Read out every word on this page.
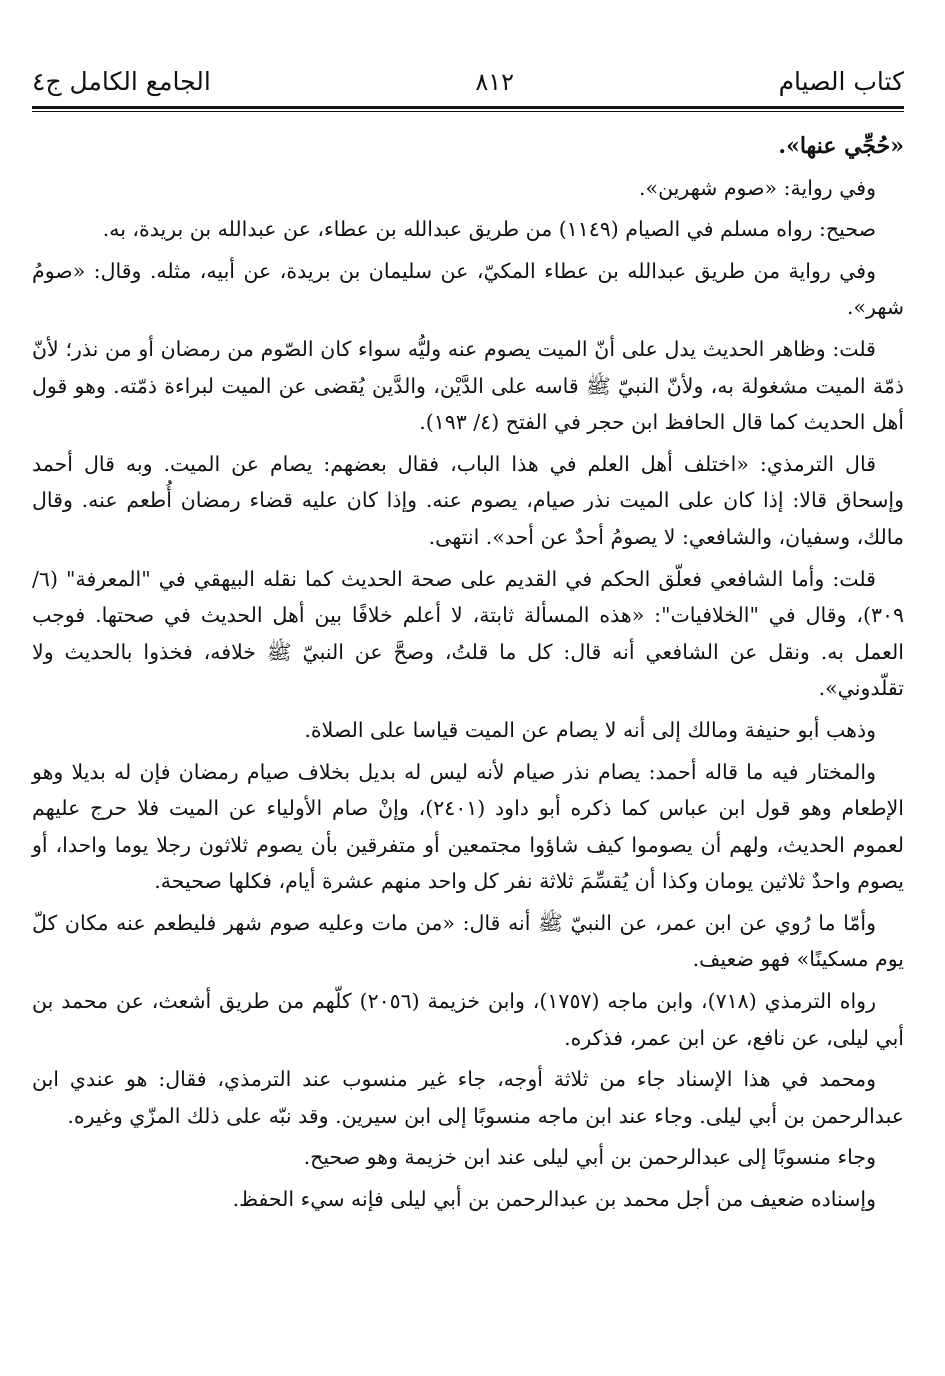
كتاب الصيام
٨١٢
الجامع الكامل ج٤

«حُجِّي عنها».

وفي رواية: «صوم شهرين».

صحيح: رواه مسلم في الصيام (١١٤٩) من طريق عبدالله بن عطاء، عن عبدالله بن بريدة، به.

وفي رواية من طريق عبدالله بن عطاء المكيّ، عن سليمان بن بريدة، عن أبيه، مثله. وقال: «صومُ شهر».

قلت: وظاهر الحديث يدل على أنّ الميت يصوم عنه وليُّه سواء كان الصّوم من رمضان أو من نذر؛ لأنّ ذمّة الميت مشغولة به، ولأنّ النبيّ ﷺ قاسه على الدَّيْن، والدَّين يُقضى عن الميت لبراءة ذمّته. وهو قول أهل الحديث كما قال الحافظ ابن حجر في الفتح (٤/ ١٩٣).

قال الترمذي: «اختلف أهل العلم في هذا الباب، فقال بعضهم: يصام عن الميت. وبه قال أحمد وإسحاق قالا: إذا كان على الميت نذر صيام، يصوم عنه. وإذا كان عليه قضاء رمضان أُطعم عنه. وقال مالك، وسفيان، والشافعي: لا يصومُ أحدٌ عن أحد». انتهى.

قلت: وأما الشافعي فعلّق الحكم في القديم على صحة الحديث كما نقله البيهقي في "المعرفة" (٦/ ٣٠٩)، وقال في "الخلافيات": «هذه المسألة ثابتة، لا أعلم خلافًا بين أهل الحديث في صحتها. فوجب العمل به. ونقل عن الشافعي أنه قال: كل ما قلتُ، وصحَّ عن النبيّ ﷺ خلافه، فخذوا بالحديث ولا تقلّدوني».

وذهب أبو حنيفة ومالك إلى أنه لا يصام عن الميت قياسا على الصلاة.

والمختار فيه ما قاله أحمد: يصام نذر صيام لأنه ليس له بديل بخلاف صيام رمضان فإن له بديلا وهو الإطعام وهو قول ابن عباس كما ذكره أبو داود (٢٤٠١)، وإنْ صام الأولياء عن الميت فلا حرج عليهم لعموم الحديث، ولهم أن يصوموا كيف شاؤوا مجتمعين أو متفرقين بأن يصوم ثلاثون رجلا يوما واحدا، أو يصوم واحدٌ ثلاثين يومان وكذا أن يُقسِّمَ ثلاثة نفر كل واحد منهم عشرة أيام، فكلها صحيحة.

وأمّا ما رُوي عن ابن عمر، عن النبيّ ﷺ أنه قال: «من مات وعليه صوم شهر فليطعم عنه مكان كلّ يوم مسكينًا» فهو ضعيف.

رواه الترمذي (٧١٨)، وابن ماجه (١٧٥٧)، وابن خزيمة (٢٠٥٦) كلّهم من طريق أشعث، عن محمد بن أبي ليلى، عن نافع، عن ابن عمر، فذكره.

ومحمد في هذا الإسناد جاء من ثلاثة أوجه، جاء غير منسوب عند الترمذي، فقال: هو عندي ابن عبدالرحمن بن أبي ليلى. وجاء عند ابن ماجه منسوبًا إلى ابن سيرين. وقد نبّه على ذلك المزّي وغيره.

وجاء منسوبًا إلى عبدالرحمن بن أبي ليلى عند ابن خزيمة وهو صحيح.

وإسناده ضعيف من أجل محمد بن عبدالرحمن بن أبي ليلى فإنه سيء الحفظ.
